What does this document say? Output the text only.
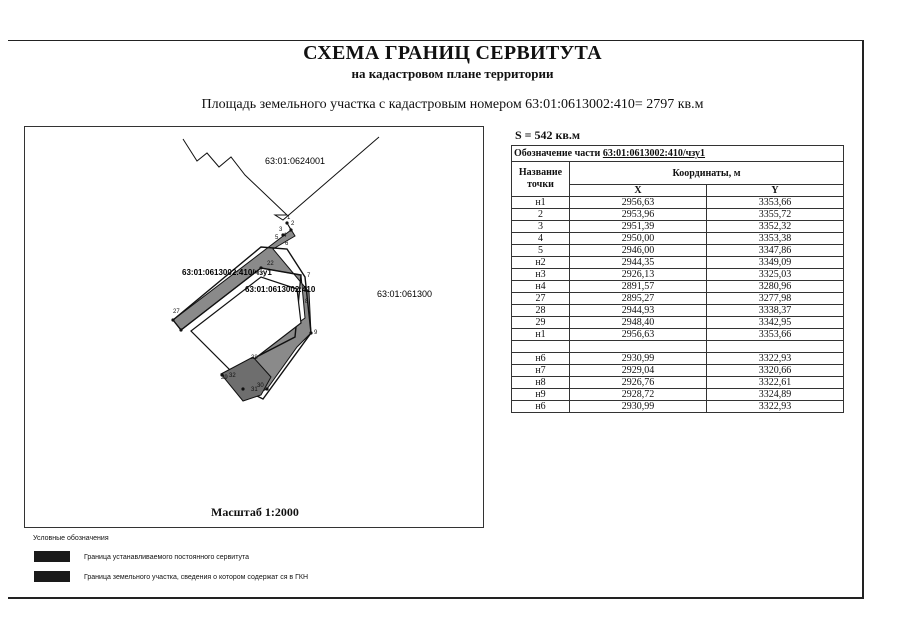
СХЕМА ГРАНИЦ СЕРВИТУТА
на кадастровом плане территории
Площадь земельного участка с кадастровым номером 63:01:0613002:410= 2797 кв.м
63:01:0624001
63:01:061300
63:01:0613002:410/чзу1
63:01:0613002:410
1
2
3
4
5
6
7
8
9
22
27
28
29
30
31
32
Масштаб 1:2000
S = 542 кв.м
Обозначение части 63:01:0613002:410/чзу1		
Название точки	Координаты, м	
	X	Y
н1	2956,63	3353,66
2	2953,96	3355,72
3	2951,39	3352,32
4	2950,00	3353,38
5	2946,00	3347,86
н2	2944,35	3349,09
н3	2926,13	3325,03
н4	2891,57	3280,96
27	2895,27	3277,98
28	2944,93	3338,37
29	2948,40	3342,95
н1	2956,63	3353,66

н6	2930,99	3322,93
н7	2929,04	3320,66
н8	2926,76	3322,61
н9	2928,72	3324,89
н6	2930,99	3322,93
Условные обозначения
Граница устанавливаемого постоянного сервитута
Граница земельного участка, сведения о котором содержат ся в ГКН
